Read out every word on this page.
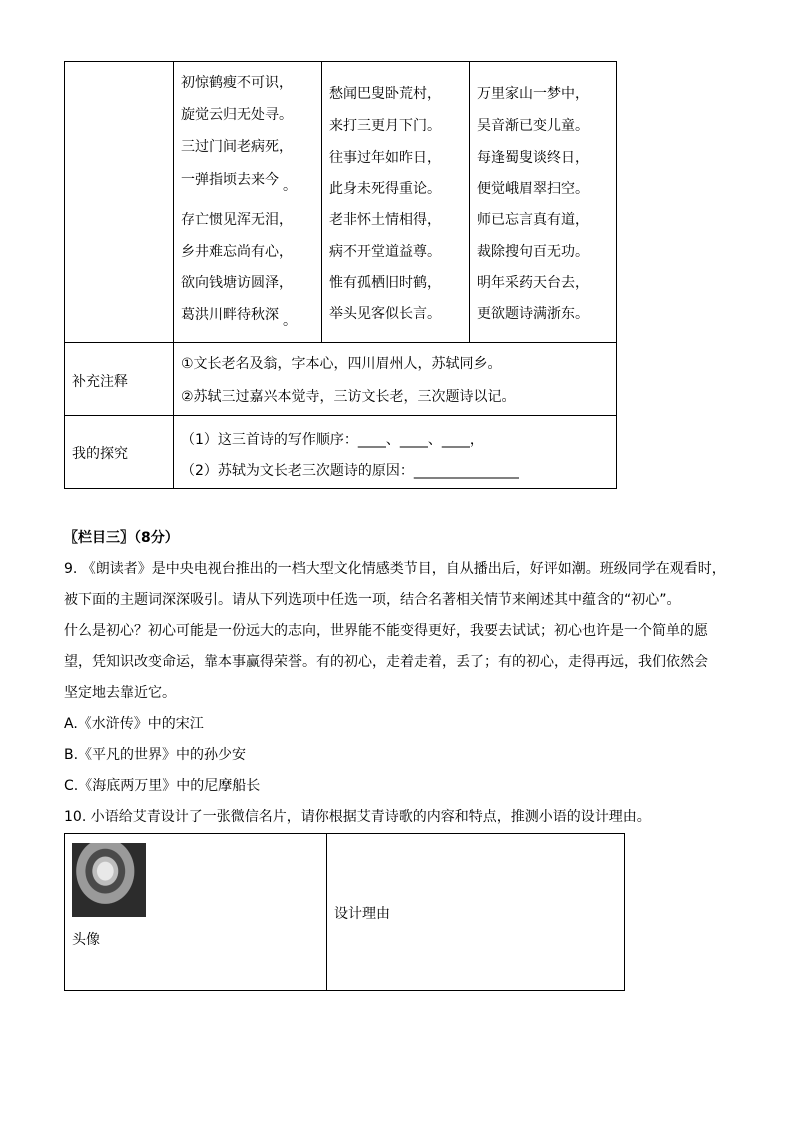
初惊鹤瘦不可识，
旋觉云归无处寻。
三过门间老病死，
一弹指顷去来今 。
存亡惯见浑无泪，
乡井难忘尚有心，
欲向钱塘访圆泽，
葛洪川畔待秋深 。
愁闻巴叟卧荒村，
来打三更月下门。
往事过年如昨日，
此身未死得重论。
老非怀土情相得，
病不开堂道益尊。
惟有孤栖旧时鹤，
举头见客似长言。
万里家山一梦中，
吴音渐已变儿童。
每逢蜀叟谈终日，
便觉峨眉翠扫空。
师已忘言真有道，
裁除搜句百无功。
明年采药天台去，
更欲题诗满浙东。
补充注释
①文长老名及翁，字本心，四川眉州人，苏轼同乡。
②苏轼三过嘉兴本觉寺，三访文长老，三次题诗以记。
我的探究
（1）这三首诗的写作顺序：____、____、____，
（2）苏轼为文长老三次题诗的原因：_______________
〖栏目三〗（8分）
9. 《朗读者》是中央电视台推出的一档大型文化情感类节目，自从播出后，好评如潮。班级同学在观看时，
被下面的主题词深深吸引。请从下列选项中任选一项，结合名著相关情节来阐述其中蕴含的“初心”。
什么是初心？初心可能是一份远大的志向，世界能不能变得更好，我要去试试；初心也许是一个简单的愿
望，凭知识改变命运，靠本事赢得荣誉。有的初心，走着走着，丢了；有的初心，走得再远，我们依然会
坚定地去靠近它。
A.《水浒传》中的宋江
B.《平凡的世界》中的孙少安
C.《海底两万里》中的尼摩船长
10. 小语给艾青设计了一张微信名片，请你根据艾青诗歌的内容和特点，推测小语的设计理由。
头像
设计理由
